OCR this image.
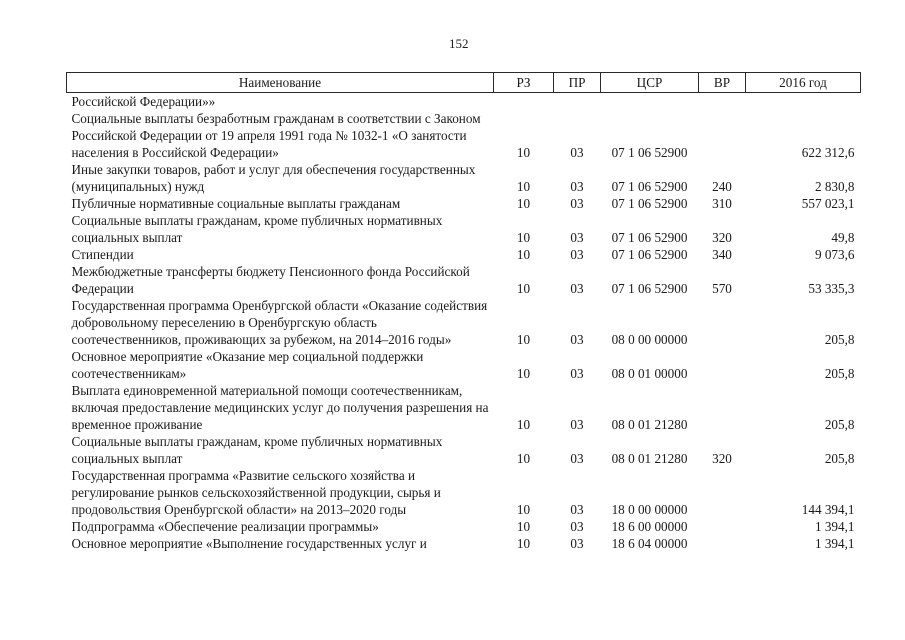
152
Наименование	РЗ	ПР	ЦСР	ВР	2016 год
Российской Федерации»»					
Социальные выплаты безработным гражданам в соответствии с Законом Российской Федерации от 19 апреля 1991 года № 1032-1 «О занятости населения в Российской Федерации»	10	03	07 1 06 52900		622 312,6
Иные закупки товаров, работ и услуг для обеспечения государственных (муниципальных) нужд	10	03	07 1 06 52900	240	2 830,8
Публичные нормативные социальные выплаты гражданам	10	03	07 1 06 52900	310	557 023,1
Социальные выплаты гражданам, кроме публичных нормативных социальных выплат	10	03	07 1 06 52900	320	49,8
Стипендии	10	03	07 1 06 52900	340	9 073,6
Межбюджетные трансферты бюджету Пенсионного фонда Российской Федерации	10	03	07 1 06 52900	570	53 335,3
Государственная программа Оренбургской области «Оказание содействия добровольному переселению в Оренбургскую область соотечественников, проживающих за рубежом, на 2014–2016 годы»	10	03	08 0 00 00000		205,8
Основное мероприятие «Оказание мер социальной поддержки соотечественникам»	10	03	08 0 01 00000		205,8
Выплата единовременной материальной помощи соотечественникам, включая предоставление медицинских услуг до получения разрешения на временное проживание	10	03	08 0 01 21280		205,8
Социальные выплаты гражданам, кроме публичных нормативных социальных выплат	10	03	08 0 01 21280	320	205,8
Государственная программа «Развитие сельского хозяйства и регулирование рынков сельскохозяйственной продукции, сырья и продовольствия Оренбургской области» на 2013–2020 годы	10	03	18 0 00 00000		144 394,1
Подпрограмма «Обеспечение реализации программы»	10	03	18 6 00 00000		1 394,1
Основное мероприятие «Выполнение государственных услуг и	10	03	18 6 04 00000		1 394,1
